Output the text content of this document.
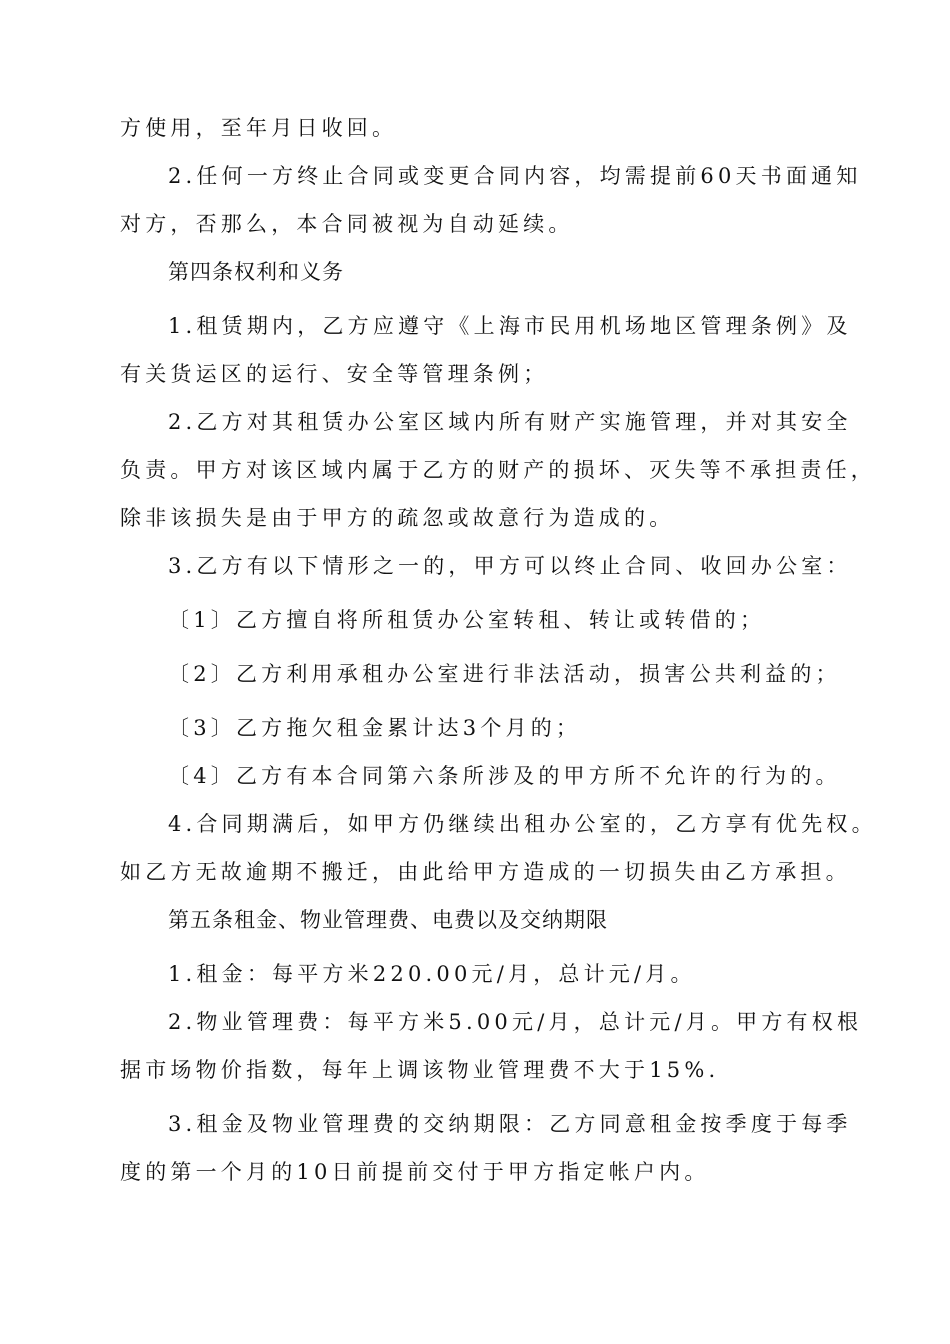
方使用，至年月日收回。
2.任何一方终止合同或变更合同内容，均需提前60天书面通知
对方，否那么，本合同被视为自动延续。
第四条权利和义务
1.租赁期内，乙方应遵守《上海市民用机场地区管理条例》及
有关货运区的运行、安全等管理条例；
2.乙方对其租赁办公室区域内所有财产实施管理，并对其安全
负责。甲方对该区域内属于乙方的财产的损坏、灭失等不承担责任，
除非该损失是由于甲方的疏忽或故意行为造成的。
3.乙方有以下情形之一的，甲方可以终止合同、收回办公室：
〔1〕乙方擅自将所租赁办公室转租、转让或转借的；
〔2〕乙方利用承租办公室进行非法活动，损害公共利益的；
〔3〕乙方拖欠租金累计达3个月的；
〔4〕乙方有本合同第六条所涉及的甲方所不允许的行为的。
4.合同期满后，如甲方仍继续出租办公室的，乙方享有优先权。
如乙方无故逾期不搬迁，由此给甲方造成的一切损失由乙方承担。
第五条租金、物业管理费、电费以及交纳期限
1.租金：每平方米220.00元/月，总计元/月。
2.物业管理费：每平方米5.00元/月，总计元/月。甲方有权根
据市场物价指数，每年上调该物业管理费不大于15%.
3.租金及物业管理费的交纳期限：乙方同意租金按季度于每季
度的第一个月的10日前提前交付于甲方指定帐户内。
